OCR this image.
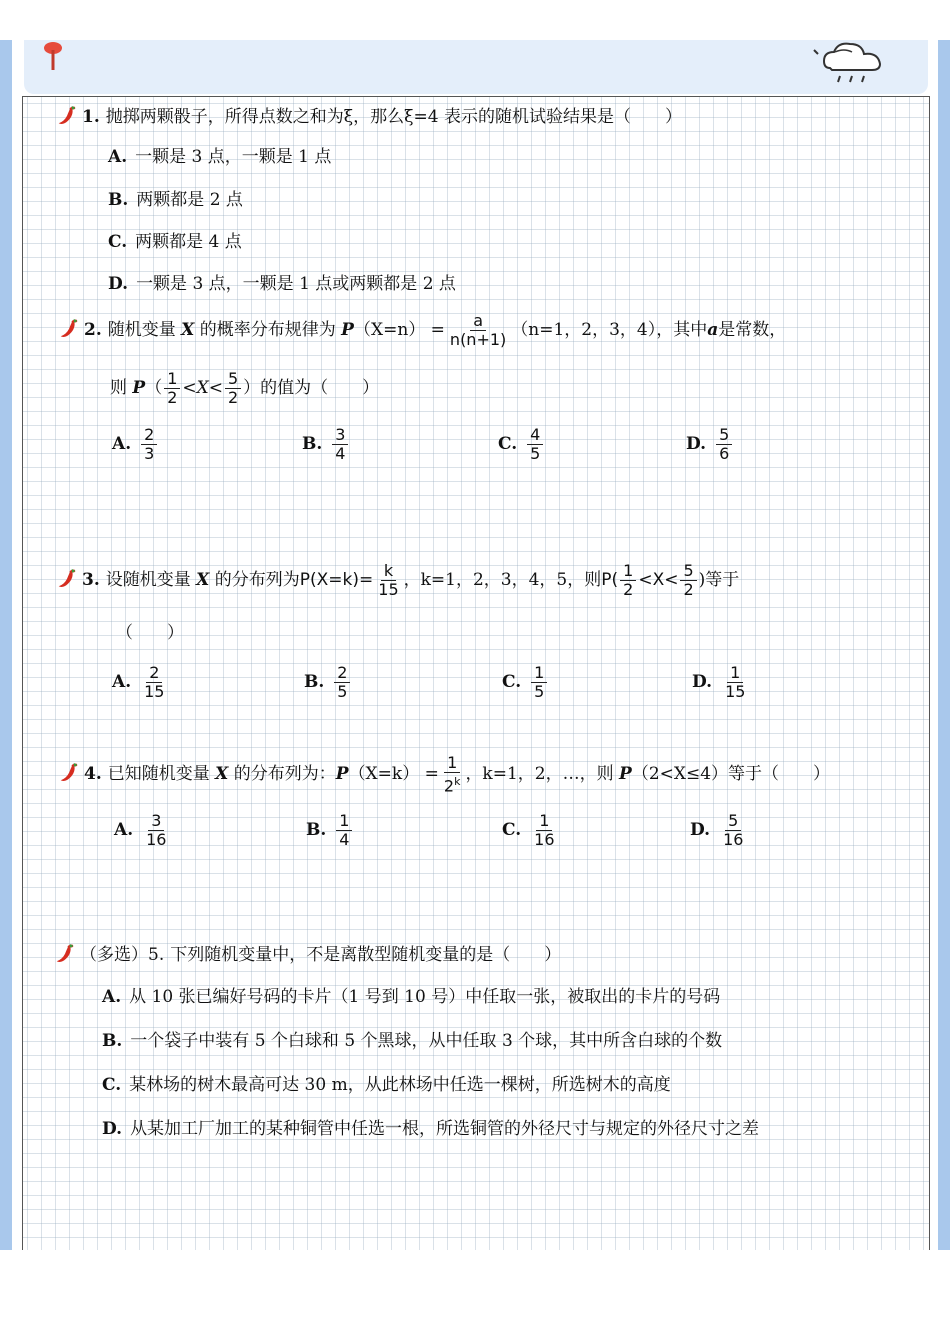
1. 抛掷两颗骰子，所得点数之和为ξ，那么ξ=4 表示的随机试验结果是（　　）
A. 一颗是 3 点，一颗是 1 点
B. 两颗都是 2 点
C. 两颗都是 4 点
D. 一颗是 3 点，一颗是 1 点或两颗都是 2 点
2. 随机变量 X 的概率分布规律为 $P(X=n) = \frac{a}{n(n+1)} (n=1$，2，3，4），其中a是常数，
则 $P( \frac{1}{2} <X< \frac{5}{2}$ ）的值为（　　）
A. $\frac{2}{3}$	B. $\frac{3}{4}$	C. $\frac{4}{5}$	D. $\frac{5}{6}$
3. 设随机变量 X 的分布列为$P(X=k)= \frac{k}{15}$ ，k=1，2，3，4，5，则$P( \frac{1}{2} <X< \frac{5}{2}$ )等于
（　　）
A. $\frac{2}{15}$	B. $\frac{2}{5}$	C. $\frac{1}{5}$	D. $\frac{1}{15}$
4. 已知随机变量 X 的分布列为：$P(X=k) = \frac{1}{2^k}$ ，k=1，2，…，则 P（2<X≤4）等于（　　）
A. $\frac{3}{16}$	B. $\frac{1}{4}$	C. $\frac{1}{16}$	D. $\frac{5}{16}$
（多选）5. 下列随机变量中，不是离散型随机变量的是（　　）
A. 从 10 张已编好号码的卡片（1 号到 10 号）中任取一张，被取出的卡片的号码
B. 一个袋子中装有 5 个白球和 5 个黑球，从中任取 3 个球，其中所含白球的个数
C. 某林场的树木最高可达 30 m，从此林场中任选一棵树，所选树木的高度
D. 从某加工厂加工的某种铜管中任选一根，所选铜管的外径尺寸与规定的外径尺寸之差
